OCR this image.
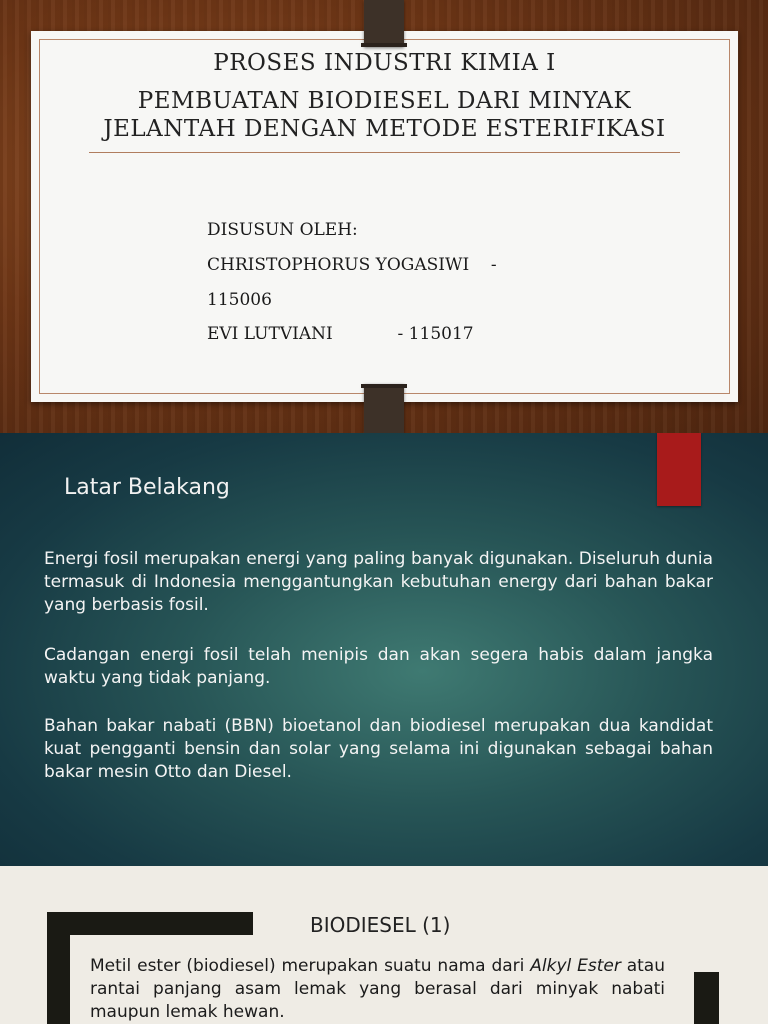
PROSES INDUSTRI KIMIA I
PEMBUATAN BIODIESEL DARI MINYAK
JELANTAH DENGAN METODE ESTERIFIKASI
DISUSUN OLEH:
CHRISTOPHORUS YOGASIWI    -
115006
EVI LUTVIANI            - 115017
Latar Belakang

Energi fosil merupakan energi yang paling banyak digunakan. Diseluruh dunia termasuk di Indonesia menggantungkan kebutuhan energy dari bahan bakar yang berbasis fosil.

Cadangan energi fosil telah menipis dan akan segera habis dalam jangka waktu yang tidak panjang.

Bahan bakar nabati (BBN) bioetanol dan biodiesel merupakan dua kandidat kuat pengganti bensin dan solar yang selama ini digunakan sebagai bahan bakar mesin Otto dan Diesel.

BIODIESEL (1)

Metil ester (biodiesel) merupakan suatu nama dari Alkyl Ester atau rantai panjang asam lemak yang berasal dari minyak nabati maupun lemak hewan.
